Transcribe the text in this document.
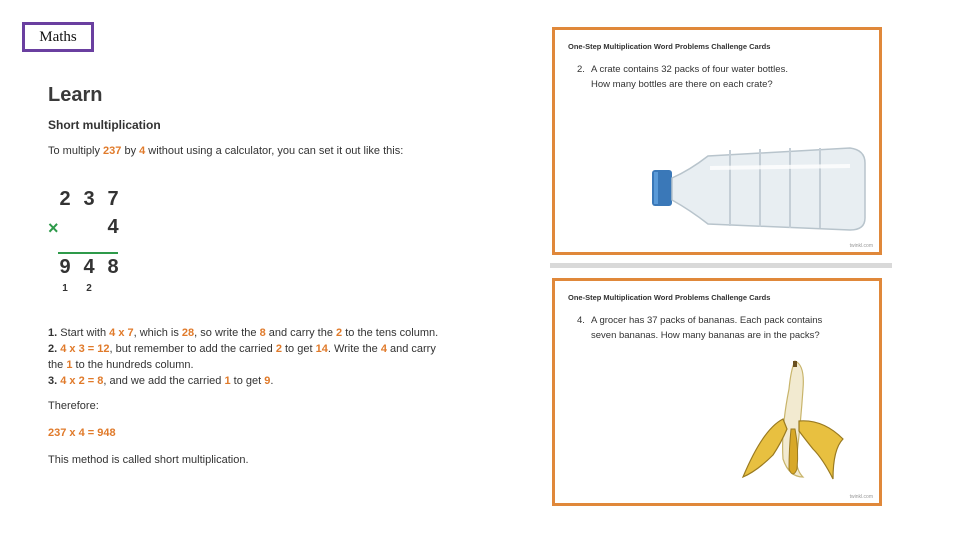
Maths
Learn
Short multiplication
To multiply 237 by 4 without using a calculator, you can set it out like this:
2 3 7
× 4
9 4 8
1	2

1. Start with 4 x 7, which is 28, so write the 8 and carry the 2 to the tens column.

2. 4 x 3 = 12, but remember to add the carried 2 to get 14. Write the 4 and carry
the 1 to the hundreds column.

3. 4 x 2 = 8, and we add the carried 1 to get 9.

Therefore:
237 x 4 = 948
This method is called short multiplication.
One-Step Multiplication Word Problems Challenge Cards
2. A crate contains 32 packs of four water bottles.
How many bottles are there on each crate?
twinkl.com
One-Step Multiplication Word Problems Challenge Cards
4. A grocer has 37 packs of bananas. Each pack contains
seven bananas. How many bananas are in the packs?
twinkl.com
